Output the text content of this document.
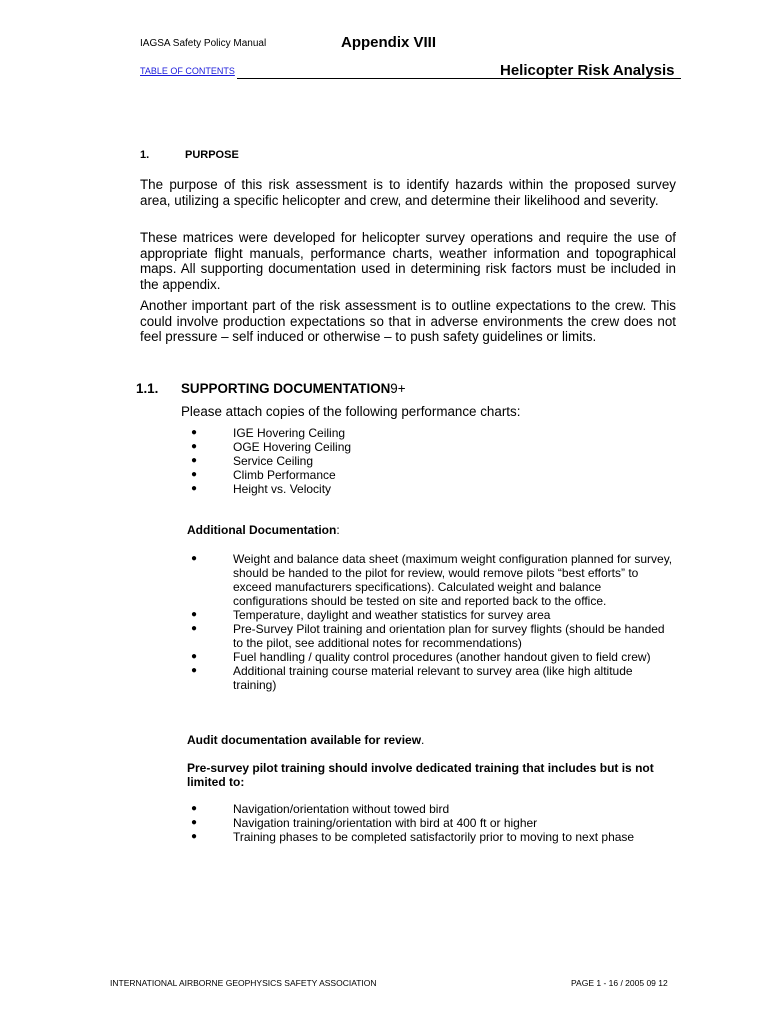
IAGSA Safety Policy Manual	Appendix VIII
TABLE OF CONTENTS	Helicopter Risk Analysis
1.	PURPOSE
The purpose of this risk assessment is to identify hazards within the proposed survey area, utilizing a specific helicopter and crew, and determine their likelihood and severity.
These matrices were developed for helicopter survey operations and require the use of appropriate flight manuals, performance charts, weather information and topographical maps. All supporting documentation used in determining risk factors must be included in the appendix.
Another important part of the risk assessment is to outline expectations to the crew. This could involve production expectations so that in adverse environments the crew does not feel pressure – self induced or otherwise – to push safety guidelines or limits.
1.1. SUPPORTING DOCUMENTATION9+
Please attach copies of the following performance charts:
●	IGE Hovering Ceiling
●	OGE Hovering Ceiling
●	Service Ceiling
●	Climb Performance
●	Height vs. Velocity
Additional Documentation:
●	Weight and balance data sheet (maximum weight configuration planned for survey, should be handed to the pilot for review, would remove pilots “best efforts” to exceed manufacturers specifications). Calculated weight and balance configurations should be tested on site and reported back to the office.
●	Temperature, daylight and weather statistics for survey area
●	Pre-Survey Pilot training and orientation plan for survey flights (should be handed to the pilot, see additional notes for recommendations)
●	Fuel handling / quality control procedures (another handout given to field crew)
●	Additional training course material relevant to survey area (like high altitude training)
Audit documentation available for review.
Pre-survey pilot training should involve dedicated training that includes but is not limited to:
●	Navigation/orientation without towed bird
●	Navigation training/orientation with bird at 400 ft or higher
●	Training phases to be completed satisfactorily prior to moving to next phase
INTERNATIONAL AIRBORNE GEOPHYSICS SAFETY ASSOCIATION	PAGE 1 - 16 / 2005 09 12
